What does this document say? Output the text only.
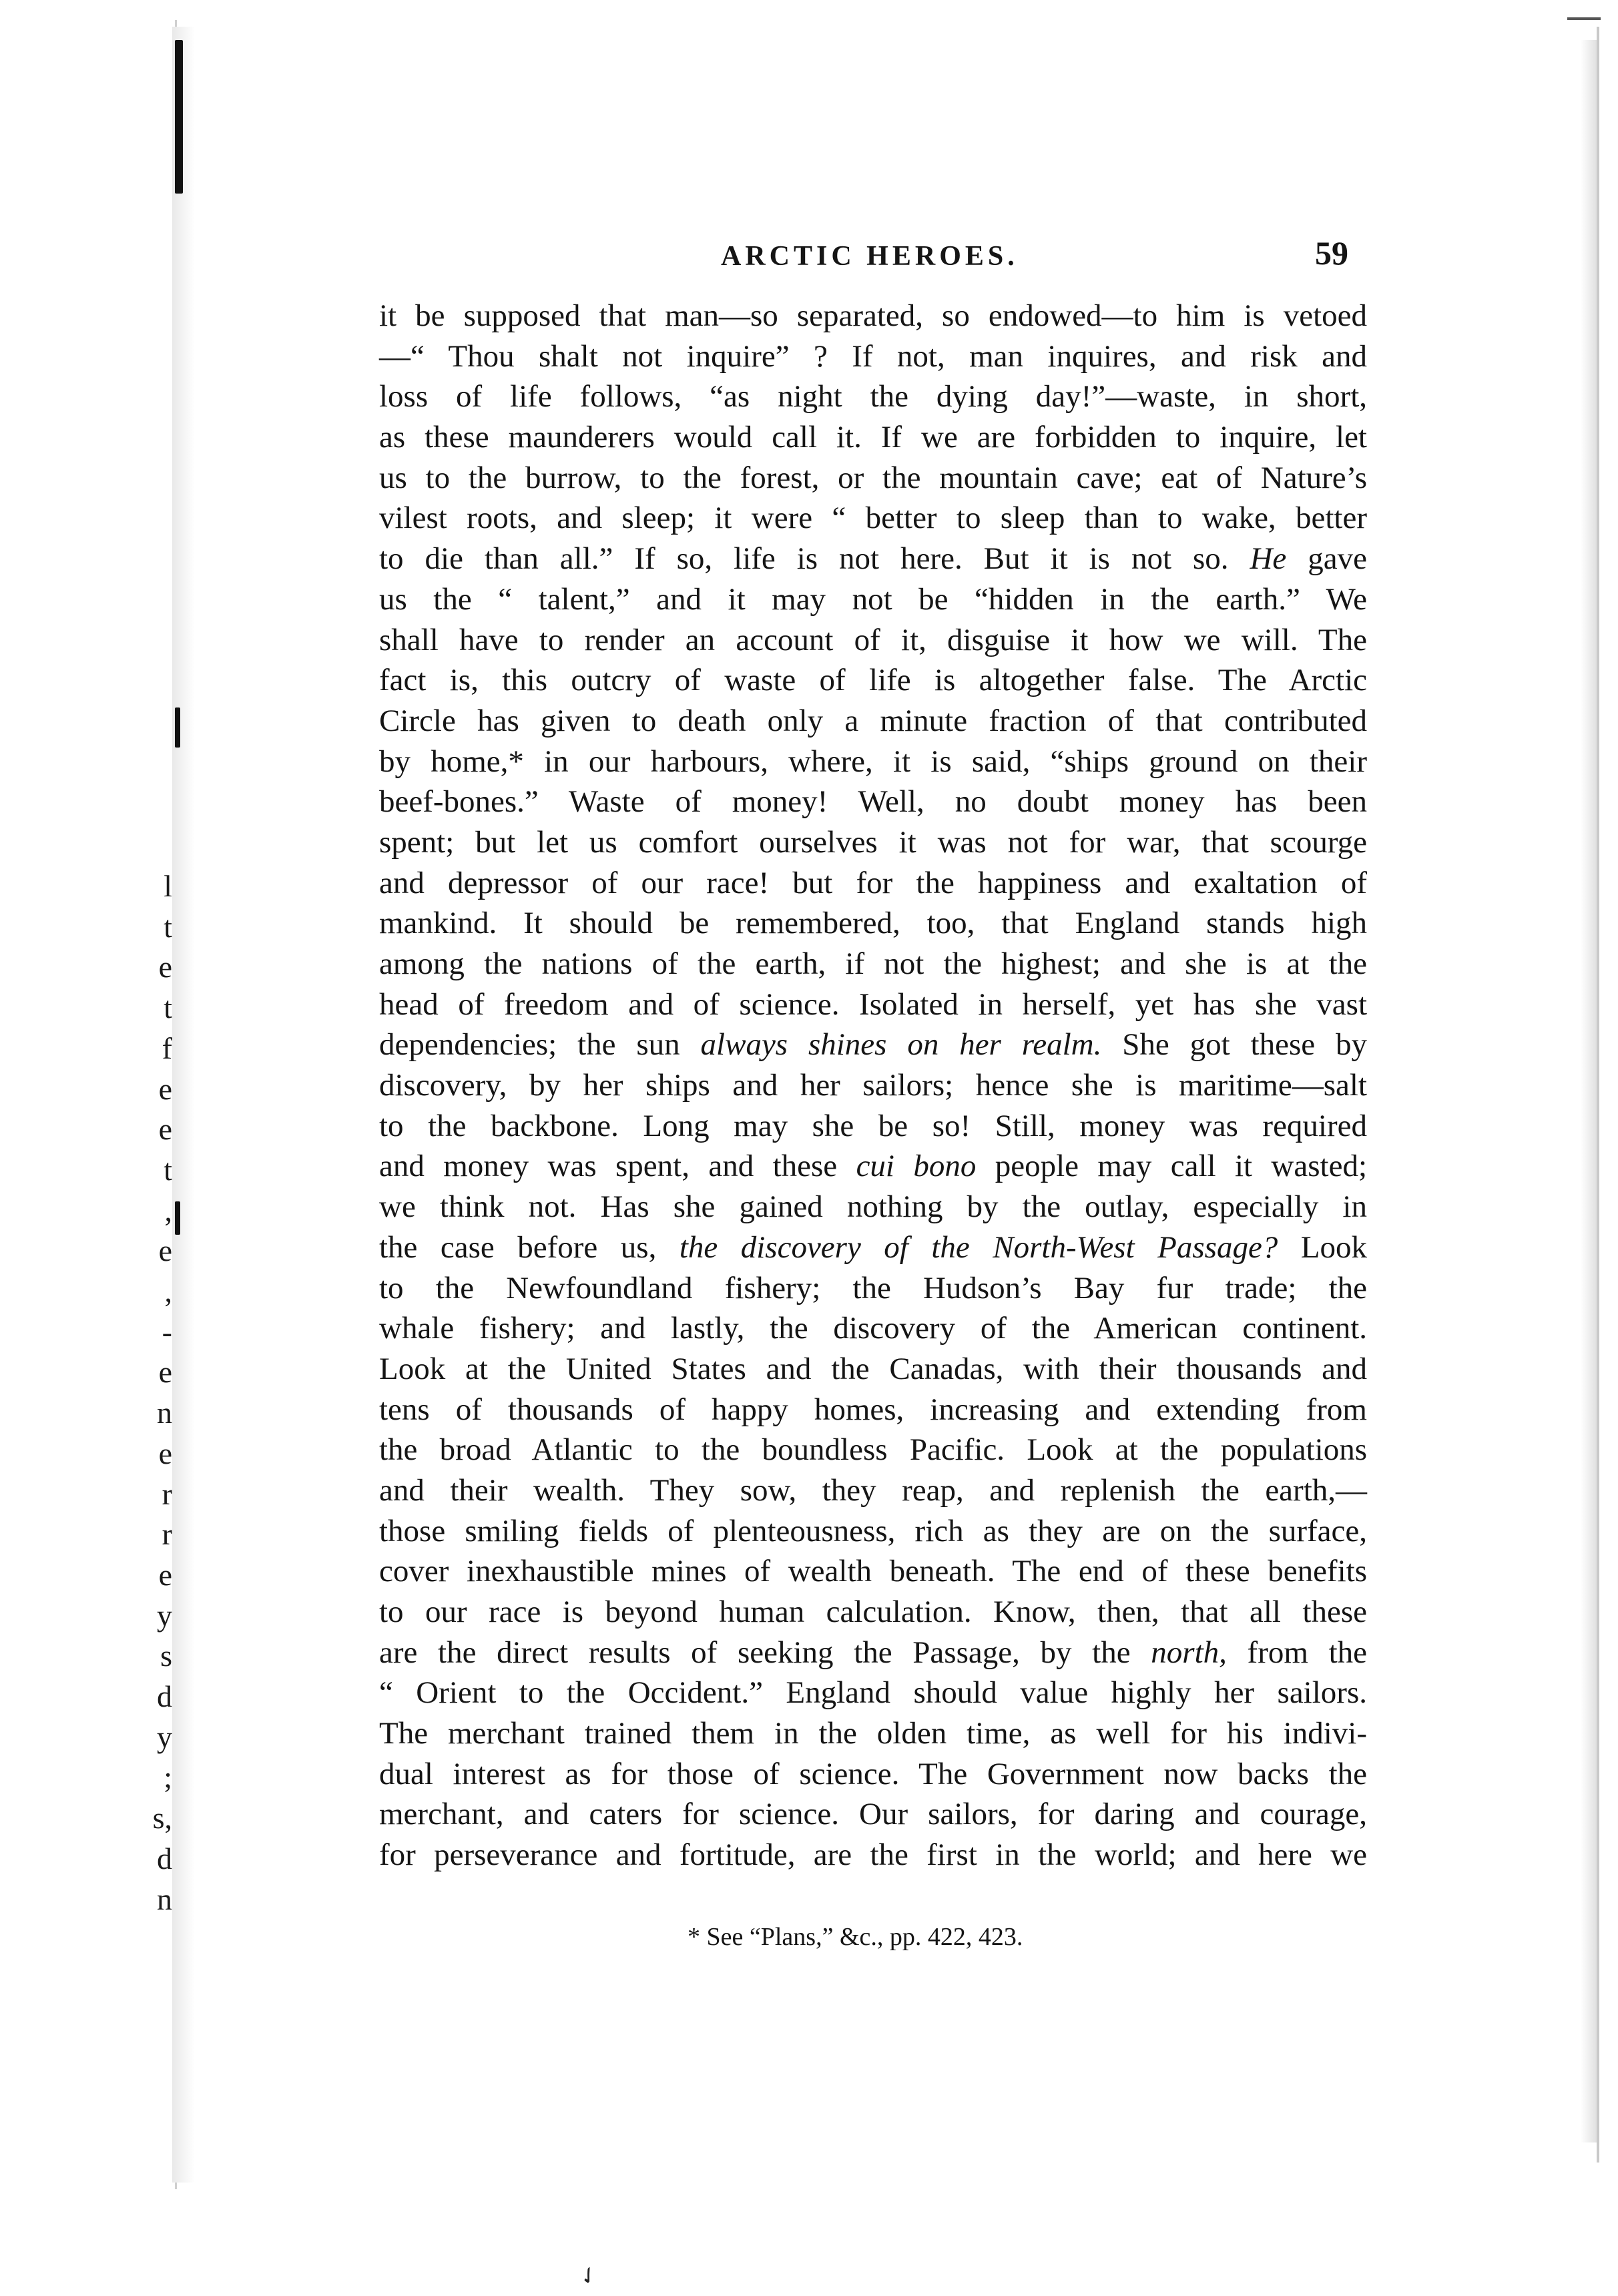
l
t
e
t
f
e
e
t
,
e
,
-
e
n
e
r
r
e
y
s
d
y
;
s,
d
n
✓
ARCTIC HEROES.	59
it be supposed that man—so separated, so endowed—to him is vetoed
—“ Thou shalt not inquire” ? If not, man inquires, and risk and
loss of life follows, “as night the dying day!”—waste, in short,
as these maunderers would call it. If we are forbidden to inquire, let
us to the burrow, to the forest, or the mountain cave; eat of Nature’s
vilest roots, and sleep; it were “ better to sleep than to wake, better
to die than all.” If so, life is not here. But it is not so. He gave
us the “ talent,” and it may not be “hidden in the earth.” We
shall have to render an account of it, disguise it how we will. The
fact is, this outcry of waste of life is altogether false. The Arctic
Circle has given to death only a minute fraction of that contributed
by home,* in our harbours, where, it is said, “ships ground on their
beef-bones.” Waste of money! Well, no doubt money has been
spent; but let us comfort ourselves it was not for war, that scourge
and depressor of our race! but for the happiness and exaltation of
mankind. It should be remembered, too, that England stands high
among the nations of the earth, if not the highest; and she is at the
head of freedom and of science. Isolated in herself, yet has she vast
dependencies; the sun always shines on her realm. She got these by
discovery, by her ships and her sailors; hence she is maritime—salt
to the backbone. Long may she be so! Still, money was required
and money was spent, and these cui bono people may call it wasted;
we think not. Has she gained nothing by the outlay, especially in
the case before us, the discovery of the North-West Passage? Look
to the Newfoundland fishery; the Hudson’s Bay fur trade; the
whale fishery; and lastly, the discovery of the American continent.
Look at the United States and the Canadas, with their thousands and
tens of thousands of happy homes, increasing and extending from
the broad Atlantic to the boundless Pacific. Look at the populations
and their wealth. They sow, they reap, and replenish the earth,—
those smiling fields of plenteousness, rich as they are on the surface,
cover inexhaustible mines of wealth beneath. The end of these benefits
to our race is beyond human calculation. Know, then, that all these
are the direct results of seeking the Passage, by the north, from the
“ Orient to the Occident.” England should value highly her sailors.
The merchant trained them in the olden time, as well for his indivi-
dual interest as for those of science. The Government now backs the
merchant, and caters for science. Our sailors, for daring and courage,
for perseverance and fortitude, are the first in the world; and here we
* See “Plans,” &c., pp. 422, 423.
